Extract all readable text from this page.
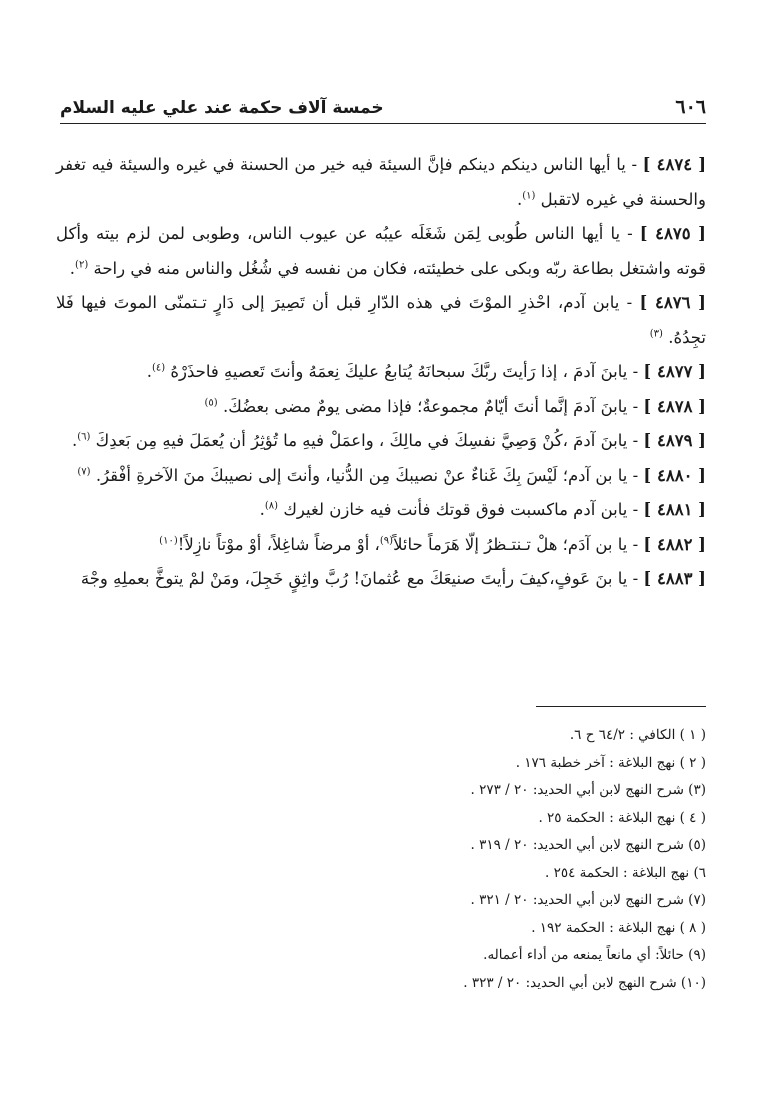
٦٠٦
خمسة آلاف حكمة عند علي عليه السلام

[ ٤٨٧٤ ] - يا أيها الناس دينكم دينكم فإنَّ السيئة فيه خير من الحسنة في غيره والسيئة فيه تغفر والحسنة في غيره لاتقبل $^{(١)}$.

[ ٤٨٧٥ ] - يا أيها الناس طُوبى لِمَن شَغَلَه عيبُه عن عيوب الناس، وطوبى لمن لزم بيته وأكل قوته واشتغل بطاعة ربّه وبكى على خطيئته، فكان من نفسه في شُغُل والناس منه في راحة $^{(٢)}$.

[ ٤٨٧٦ ] - يابن آدم، احْذرِ الموْتَ في هذه الدّارِ قبل أن تَصِيرَ إلى دَارٍ تـتمنّى الموتَ فيها فَلا تجِدُهُ. $^{(٣)}$

[ ٤٨٧٧ ] - يابنَ آدمَ ، إذا رَأيتَ ربَّكَ سبحانَهُ يُتابعُ عليكَ نِعمَهُ وأنتَ تَعصيهِ فاحذَرْهُ $^{(٤)}$.

[ ٤٨٧٨ ] - يابنَ آدمَ إنَّما أنتَ أيّامٌ مجموعةٌ؛ فإذا مضى يومٌ مضى بعضُكَ. $^{(٥)}$

[ ٤٨٧٩ ] - يابنَ آدمَ ،كُنْ وَصِيَّ نفسِكَ في مالِكَ ، واعمَلْ فيهِ ما تُؤثِرُ أن يُعمَلَ فيهِ مِن بَعدِكَ $^{(٦)}$.

[ ٤٨٨٠ ] - يا بن آدم؛ لَيْسَ بِكَ غَناءٌ عنْ نصيبكَ مِن الدُّنيا، وأنتَ إلى نصيبكَ منَ الآخرةِ أفْقرُ. $^{(٧)}$

[ ٤٨٨١ ] - يابن آدم ماكسبت فوق قوتك فأنت فيه خازن لغيرك $^{(٨)}$.

[ ٤٨٨٢ ] - يا بن آدَم؛ هلْ تـنتـظرُ إلّا هَرَماً حائلاً$^{(٩)}$، أوْ مرضاً شاغِلاً، أوْ موْتاً نازِلاً!$^{(١٠)}$

[ ٤٨٨٣ ] - يا بنَ عَوفٍ،كيفَ رأيتَ صنيعَكَ مع عُثمانَ! رُبَّ واثِقٍ خَجِلَ، ومَنْ لمْ يتوخَّ بعملِهِ وجْهَ

( ١ ) الكافي : ٦٤/٢ ح ٦.

( ٢ ) نهج البلاغة : آخر خطبة ١٧٦ .

(٣) شرح النهج لابن أبي الحديد: ٢٠ / ٢٧٣ .

( ٤ ) نهج البلاغة : الحكمة ٢٥ .

(٥) شرح النهج لابن أبي الحديد: ٢٠ / ٣١٩ .

٦) نهج البلاغة : الحكمة ٢٥٤ .

(٧) شرح النهج لابن أبي الحديد: ٢٠ / ٣٢١ .

( ٨ ) نهج البلاغة : الحكمة ١٩٢ .

(٩) حائلاً: أي مانعاً يمنعه من أداء أعماله.

(١٠) شرح النهج لابن أبي الحديد: ٢٠ / ٣٢٣ .
